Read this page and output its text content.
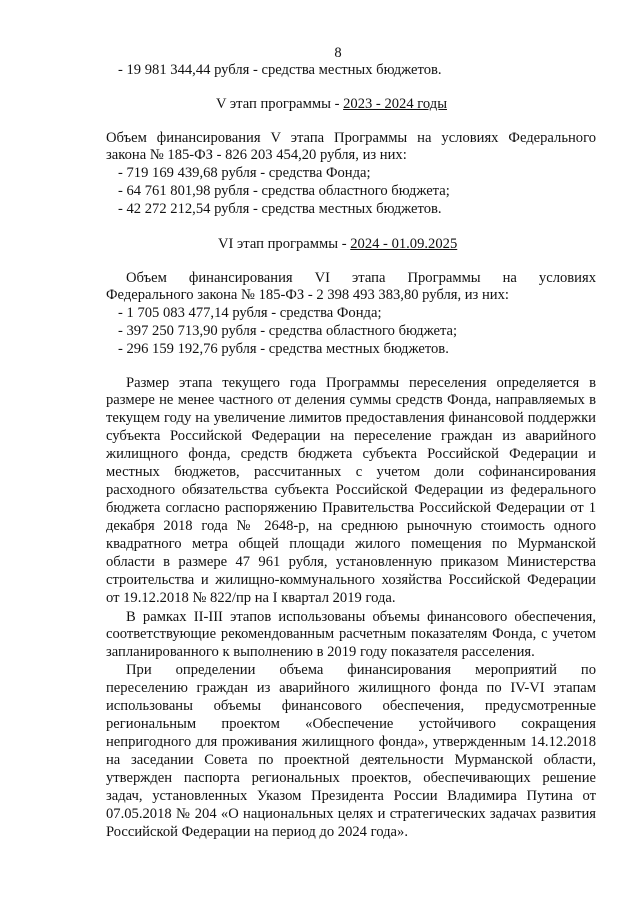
8
- 19 981 344,44 рубля - средства местных бюджетов.
V этап программы - 2023 - 2024 годы
Объем финансирования V этапа Программы на условиях Федерального
закона № 185-ФЗ - 826 203 454,20 рубля, из них:
- 719 169 439,68 рубля - средства Фонда;
- 64 761 801,98 рубля - средства областного бюджета;
- 42 272 212,54 рубля - средства местных бюджетов.
VI этап программы - 2024 - 01.09.2025
Объем финансирования VI этапа Программы на условиях
Федерального закона № 185-ФЗ - 2 398 493 383,80 рубля, из них:
- 1 705 083 477,14 рубля - средства Фонда;
- 397 250 713,90 рубля - средства областного бюджета;
- 296 159 192,76 рубля - средства местных бюджетов.
Размер этапа текущего года Программы переселения определяется в
размере не менее частного от деления суммы средств Фонда, направляемых в
текущем году на увеличение лимитов предоставления финансовой поддержки
субъекта Российской Федерации на переселение граждан из аварийного
жилищного фонда, средств бюджета субъекта Российской Федерации и
местных бюджетов, рассчитанных с учетом доли софинансирования
расходного обязательства субъекта Российской Федерации из федерального
бюджета согласно распоряжению Правительства Российской Федерации от 1
декабря 2018 года № 2648-р, на среднюю рыночную стоимость одного
квадратного метра общей площади жилого помещения по Мурманской
области в размере 47 961 рубля, установленную приказом Министерства
строительства и жилищно-коммунального хозяйства Российской Федерации
от 19.12.2018 № 822/пр на I квартал 2019 года.
В рамках II-III этапов использованы объемы финансового обеспечения,
соответствующие рекомендованным расчетным показателям Фонда, с учетом
запланированного к выполнению в 2019 году показателя расселения.
При определении объема финансирования мероприятий по
переселению граждан из аварийного жилищного фонда по IV-VI этапам
использованы объемы финансового обеспечения, предусмотренные
региональным проектом «Обеспечение устойчивого сокращения
непригодного для проживания жилищного фонда», утвержденным 14.12.2018
на заседании Совета по проектной деятельности Мурманской области,
утвержден паспорта региональных проектов, обеспечивающих решение
задач, установленных Указом Президента России Владимира Путина от
07.05.2018 № 204 «О национальных целях и стратегических задачах развития
Российской Федерации на период до 2024 года».
